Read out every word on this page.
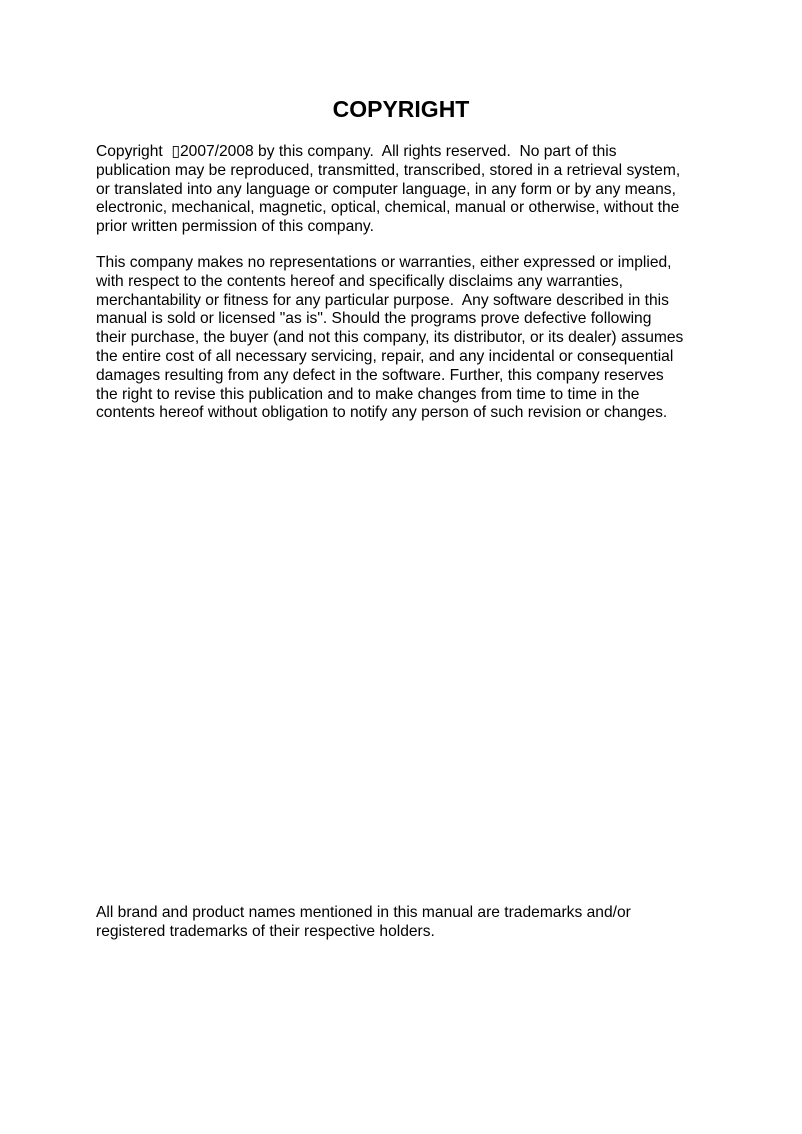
COPYRIGHT
Copyright  ▯2007/2008 by this company.  All rights reserved.  No part of this
publication may be reproduced, transmitted, transcribed, stored in a retrieval system,
or translated into any language or computer language, in any form or by any means,
electronic, mechanical, magnetic, optical, chemical, manual or otherwise, without the
prior written permission of this company.
This company makes no representations or warranties, either expressed or implied,
with respect to the contents hereof and specifically disclaims any warranties,
merchantability or fitness for any particular purpose.  Any software described in this
manual is sold or licensed "as is". Should the programs prove defective following
their purchase, the buyer (and not this company, its distributor, or its dealer) assumes
the entire cost of all necessary servicing, repair, and any incidental or consequential
damages resulting from any defect in the software. Further, this company reserves
the right to revise this publication and to make changes from time to time in the
contents hereof without obligation to notify any person of such revision or changes.
All brand and product names mentioned in this manual are trademarks and/or
registered trademarks of their respective holders.
